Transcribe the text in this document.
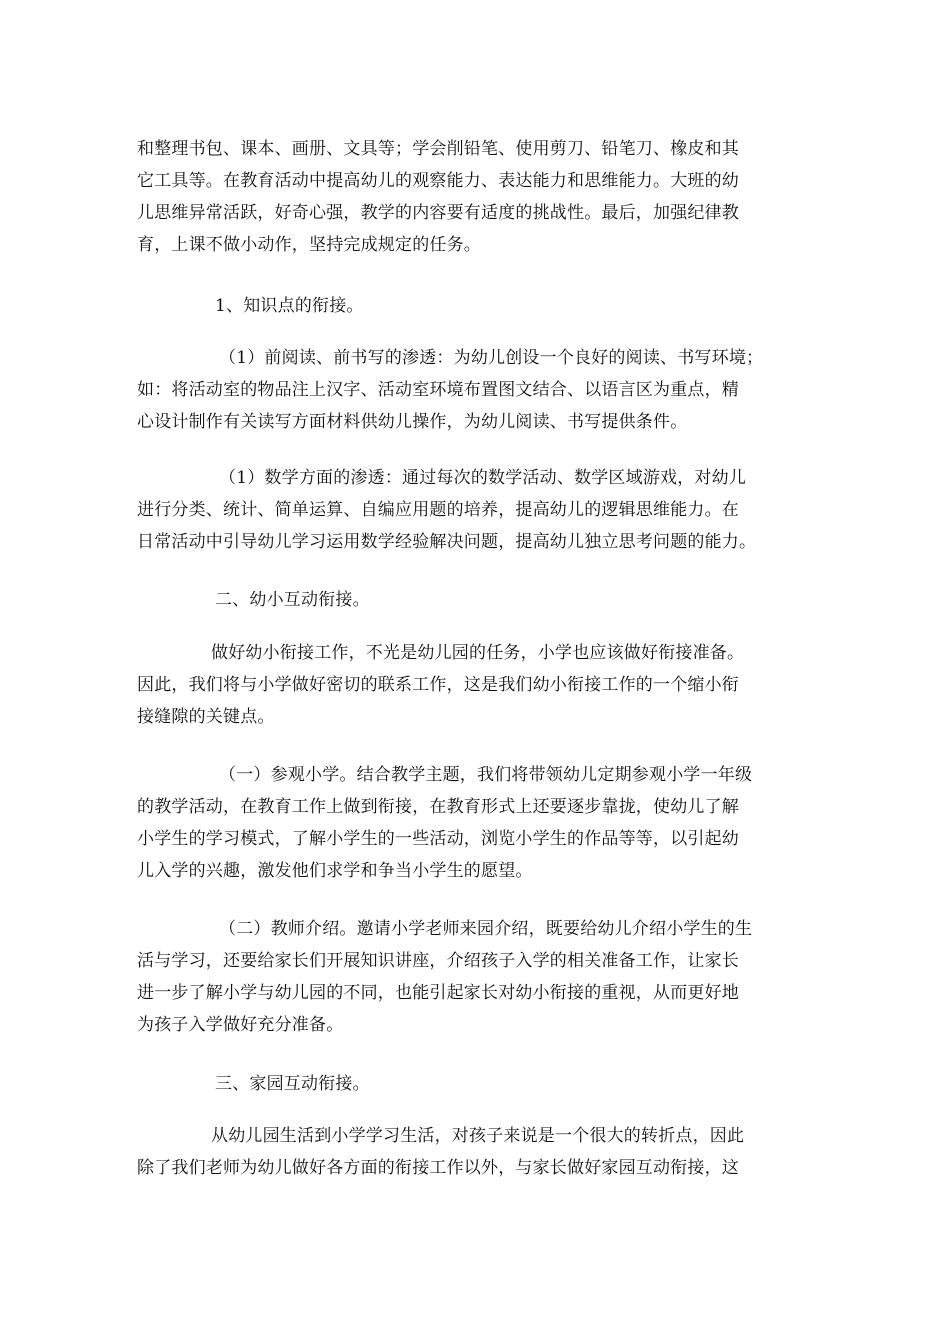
和整理书包、课本、画册、文具等；学会削铅笔、使用剪刀、铅笔刀、橡皮和其
它工具等。在教育活动中提高幼儿的观察能力、表达能力和思维能力。大班的幼
儿思维异常活跃，好奇心强，教学的内容要有适度的挑战性。最后，加强纪律教
育，上课不做小动作，坚持完成规定的任务。

1、知识点的衔接。

（1）前阅读、前书写的渗透：为幼儿创设一个良好的阅读、书写环境；
如：将活动室的物品注上汉字、活动室环境布置图文结合、以语言区为重点，精
心设计制作有关读写方面材料供幼儿操作，为幼儿阅读、书写提供条件。

（1）数学方面的渗透：通过每次的数学活动、数学区域游戏，对幼儿
进行分类、统计、简单运算、自编应用题的培养，提高幼儿的逻辑思维能力。在
日常活动中引导幼儿学习运用数学经验解决问题，提高幼儿独立思考问题的能力。

二、幼小互动衔接。

做好幼小衔接工作，不光是幼儿园的任务，小学也应该做好衔接准备。
因此，我们将与小学做好密切的联系工作，这是我们幼小衔接工作的一个缩小衔
接缝隙的关键点。

（一）参观小学。结合教学主题，我们将带领幼儿定期参观小学一年级
的教学活动，在教育工作上做到衔接，在教育形式上还要逐步靠拢，使幼儿了解
小学生的学习模式，了解小学生的一些活动，浏览小学生的作品等等，以引起幼
儿入学的兴趣，激发他们求学和争当小学生的愿望。

（二）教师介绍。邀请小学老师来园介绍，既要给幼儿介绍小学生的生
活与学习，还要给家长们开展知识讲座，介绍孩子入学的相关准备工作，让家长
进一步了解小学与幼儿园的不同，也能引起家长对幼小衔接的重视，从而更好地
为孩子入学做好充分准备。

三、家园互动衔接。

从幼儿园生活到小学学习生活，对孩子来说是一个很大的转折点，因此
除了我们老师为幼儿做好各方面的衔接工作以外，与家长做好家园互动衔接，这
